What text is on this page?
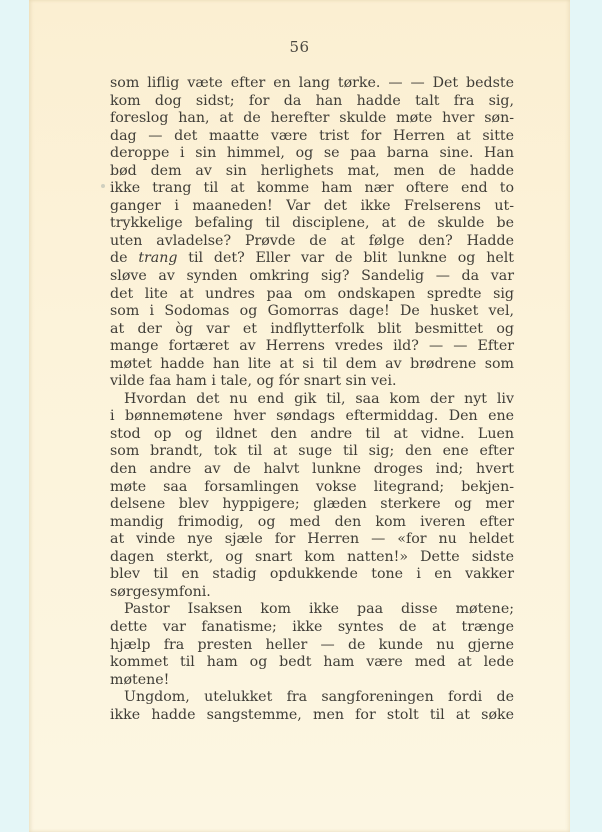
56
som liflig væte efter en lang tørke. — — Det bedste
kom dog sidst; for da han hadde talt fra sig,
foreslog han, at de herefter skulde møte hver søn-
dag — det maatte være trist for Herren at sitte
deroppe i sin himmel, og se paa barna sine. Han
bød dem av sin herlighets mat, men de hadde
ikke trang til at komme ham nær oftere end to
ganger i maaneden! Var det ikke Frelserens ut-
trykkelige befaling til disciplene, at de skulde be
uten avladelse? Prøvde de at følge den? Hadde
de trang til det? Eller var de blit lunkne og helt
sløve av synden omkring sig? Sandelig — da var
det lite at undres paa om ondskapen spredte sig
som i Sodomas og Gomorras dage! De husket vel,
at der òg var et indflytterfolk blit besmittet og
mange fortæret av Herrens vredes ild? — — Efter
møtet hadde han lite at si til dem av brødrene som
vilde faa ham i tale, og fór snart sin vei.
Hvordan det nu end gik til, saa kom der nyt liv
i bønnemøtene hver søndags eftermiddag. Den ene
stod op og ildnet den andre til at vidne. Luen
som brandt, tok til at suge til sig; den ene efter
den andre av de halvt lunkne droges ind; hvert
møte saa forsamlingen vokse litegrand; bekjen-
delsene blev hyppigere; glæden sterkere og mer
mandig frimodig, og med den kom iveren efter
at vinde nye sjæle for Herren — «for nu heldet
dagen sterkt, og snart kom natten!» Dette sidste
blev til en stadig opdukkende tone i en vakker
sørgesymfoni.
Pastor Isaksen kom ikke paa disse møtene;
dette var fanatisme; ikke syntes de at trænge
hjælp fra presten heller — de kunde nu gjerne
kommet til ham og bedt ham være med at lede
møtene!
Ungdom, utelukket fra sangforeningen fordi de
ikke hadde sangstemme, men for stolt til at søke
